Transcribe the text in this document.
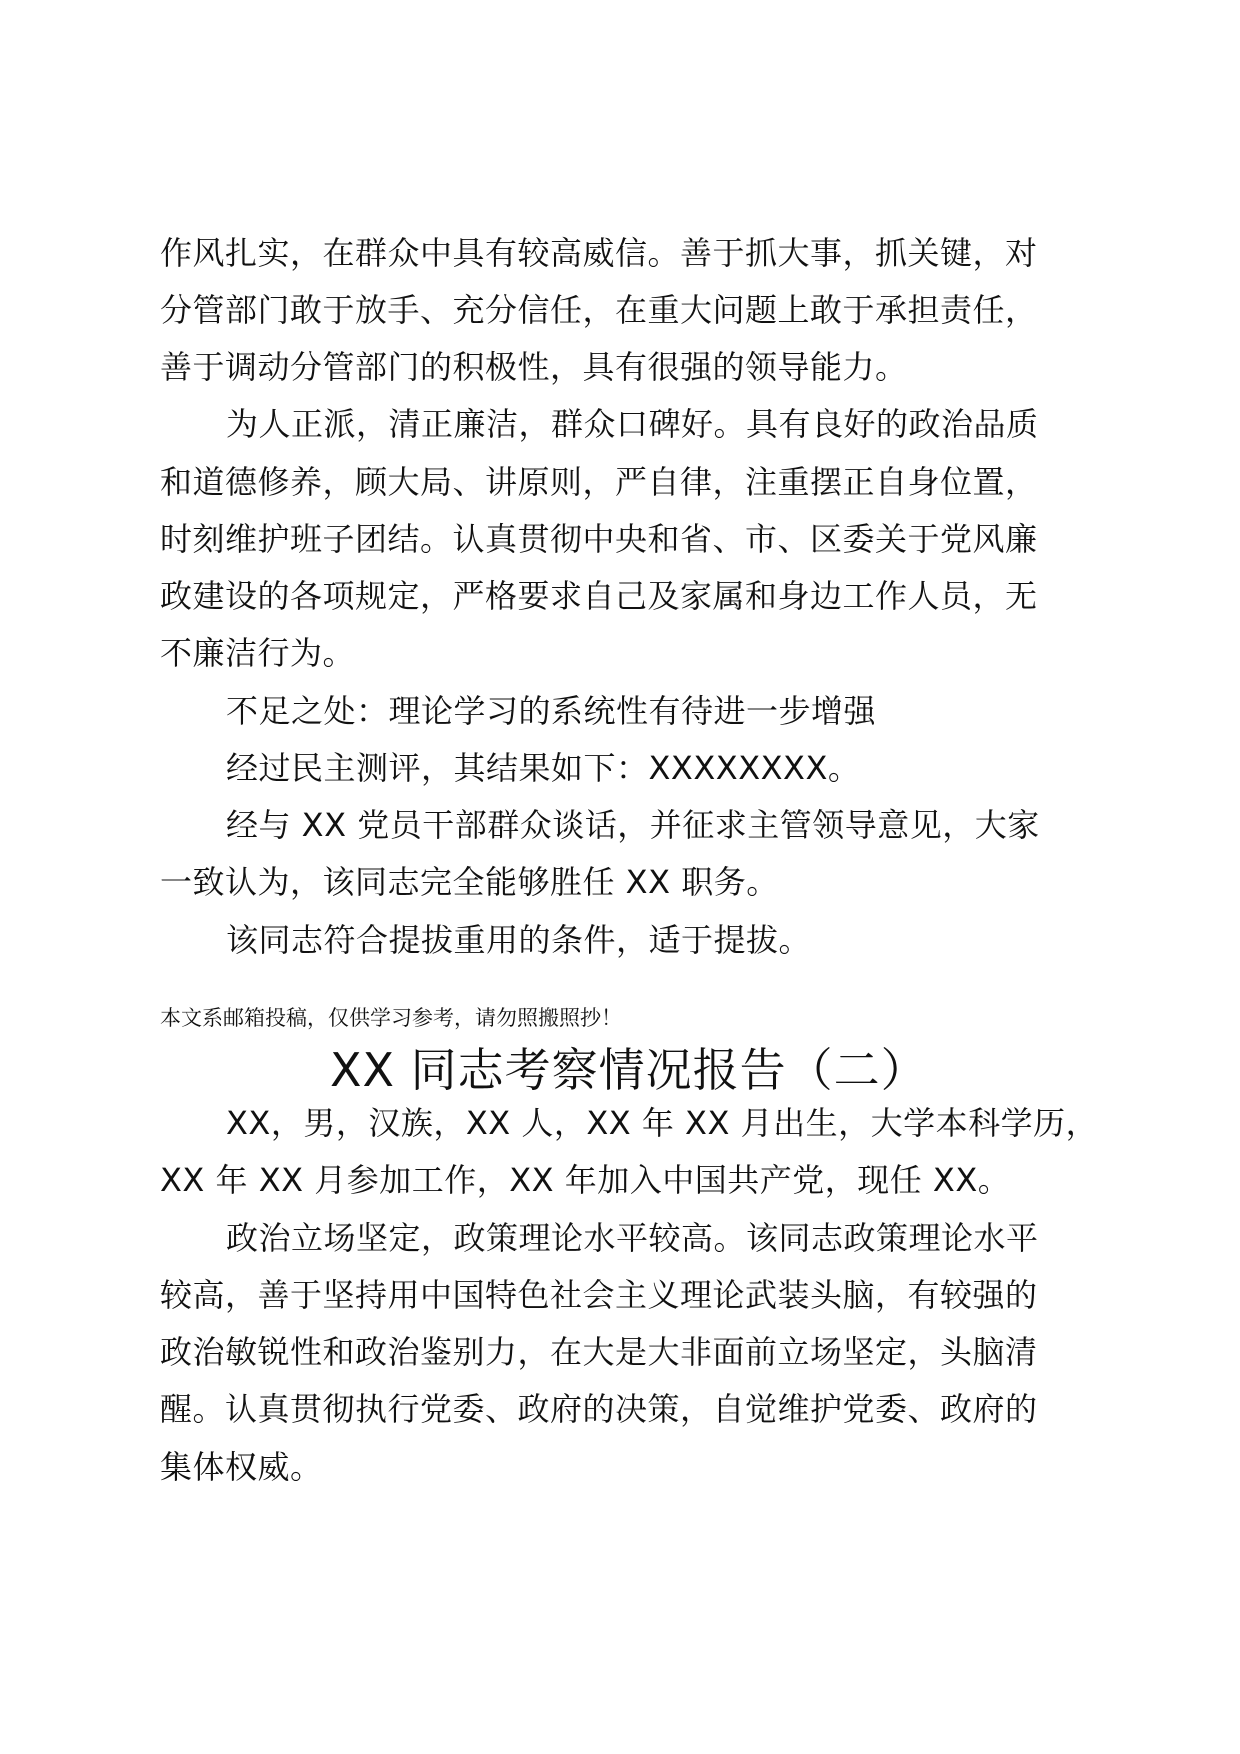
作风扎实，在群众中具有较高威信。善于抓大事，抓关键，对
分管部门敢于放手、充分信任，在重大问题上敢于承担责任，
善于调动分管部门的积极性，具有很强的领导能力。
为人正派，清正廉洁，群众口碑好。具有良好的政治品质
和道德修养，顾大局、讲原则，严自律，注重摆正自身位置，
时刻维护班子团结。认真贯彻中央和省、市、区委关于党风廉
政建设的各项规定，严格要求自己及家属和身边工作人员，无
不廉洁行为。
不足之处：理论学习的系统性有待进一步增强
经过民主测评，其结果如下：XXXXXXXX。
经与 XX 党员干部群众谈话，并征求主管领导意见，大家
一致认为，该同志完全能够胜任 XX 职务。
该同志符合提拔重用的条件，适于提拔。
本文系邮箱投稿，仅供学习参考，请勿照搬照抄！
XX 同志考察情况报告（二）
XX，男，汉族，XX 人，XX 年 XX 月出生，大学本科学历，
XX 年 XX 月参加工作，XX 年加入中国共产党，现任 XX。
政治立场坚定，政策理论水平较高。该同志政策理论水平
较高，善于坚持用中国特色社会主义理论武装头脑，有较强的
政治敏锐性和政治鉴别力，在大是大非面前立场坚定，头脑清
醒。认真贯彻执行党委、政府的决策，自觉维护党委、政府的
集体权威。
